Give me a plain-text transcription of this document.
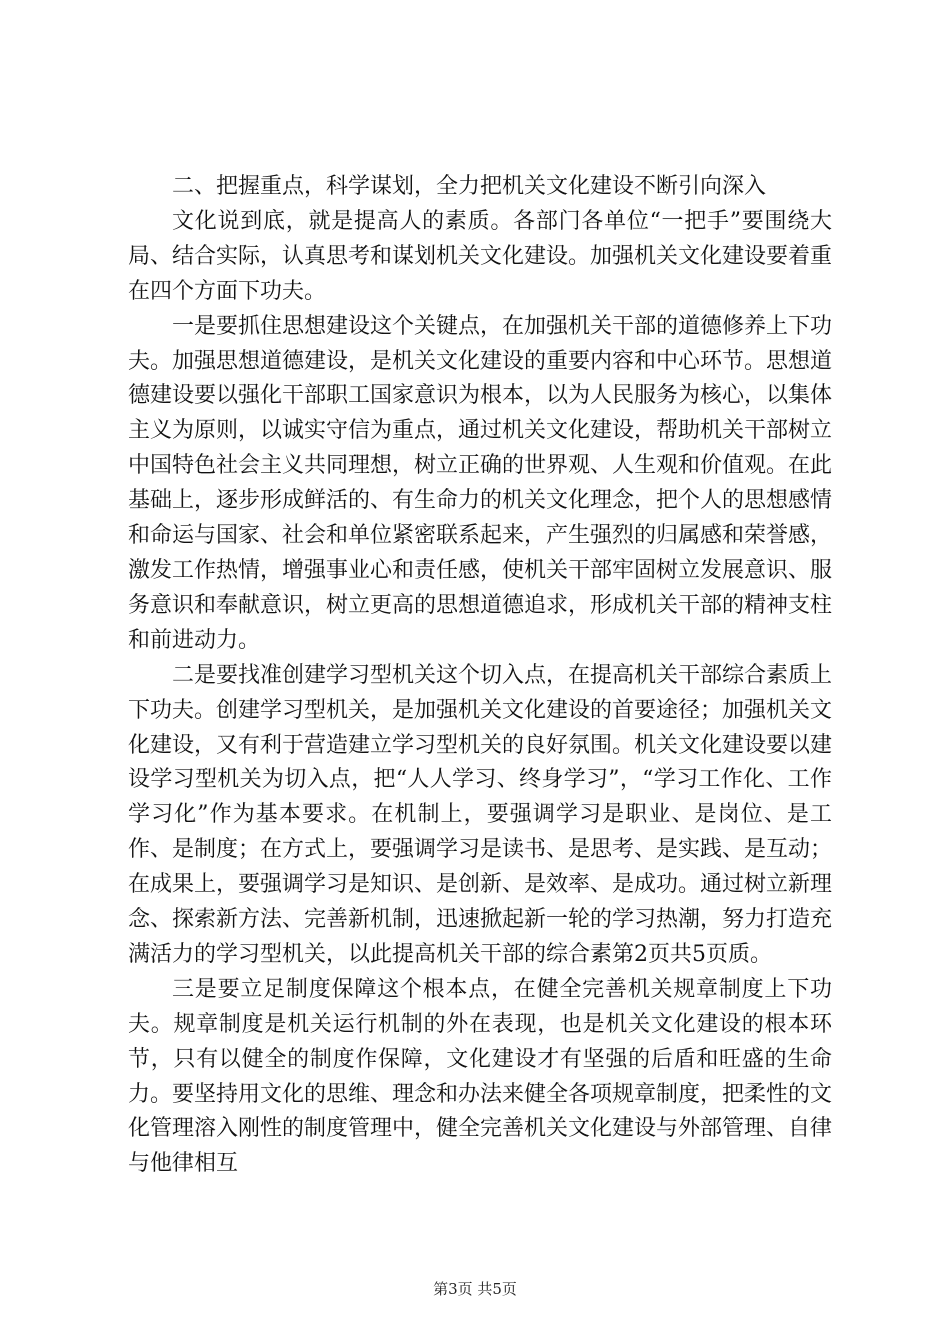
二、把握重点，科学谋划，全力把机关文化建设不断引向深入

文化说到底，就是提高人的素质。各部门各单位“一把手”要围绕大局、结合实际，认真思考和谋划机关文化建设。加强机关文化建设要着重在四个方面下功夫。

一是要抓住思想建设这个关键点，在加强机关干部的道德修养上下功夫。加强思想道德建设，是机关文化建设的重要内容和中心环节。思想道德建设要以强化干部职工国家意识为根本，以为人民服务为核心，以集体主义为原则，以诚实守信为重点，通过机关文化建设，帮助机关干部树立中国特色社会主义共同理想，树立正确的世界观、人生观和价值观。在此基础上，逐步形成鲜活的、有生命力的机关文化理念，把个人的思想感情和命运与国家、社会和单位紧密联系起来，产生强烈的归属感和荣誉感，激发工作热情，增强事业心和责任感，使机关干部牢固树立发展意识、服务意识和奉献意识，树立更高的思想道德追求，形成机关干部的精神支柱和前进动力。

二是要找准创建学习型机关这个切入点，在提高机关干部综合素质上下功夫。创建学习型机关，是加强机关文化建设的首要途径；加强机关文化建设，又有利于营造建立学习型机关的良好氛围。机关文化建设要以建设学习型机关为切入点，把“人人学习、终身学习”，“学习工作化、工作学习化”作为基本要求。在机制上，要强调学习是职业、是岗位、是工作、是制度；在方式上，要强调学习是读书、是思考、是实践、是互动；在成果上，要强调学习是知识、是创新、是效率、是成功。通过树立新理念、探索新方法、完善新机制，迅速掀起新一轮的学习热潮，努力打造充满活力的学习型机关，以此提高机关干部的综合素第2页共5页质。

三是要立足制度保障这个根本点，在健全完善机关规章制度上下功夫。规章制度是机关运行机制的外在表现，也是机关文化建设的根本环节，只有以健全的制度作保障，文化建设才有坚强的后盾和旺盛的生命力。要坚持用文化的思维、理念和办法来健全各项规章制度，把柔性的文化管理溶入刚性的制度管理中，健全完善机关文化建设与外部管理、自律与他律相互

第3页 共5页
